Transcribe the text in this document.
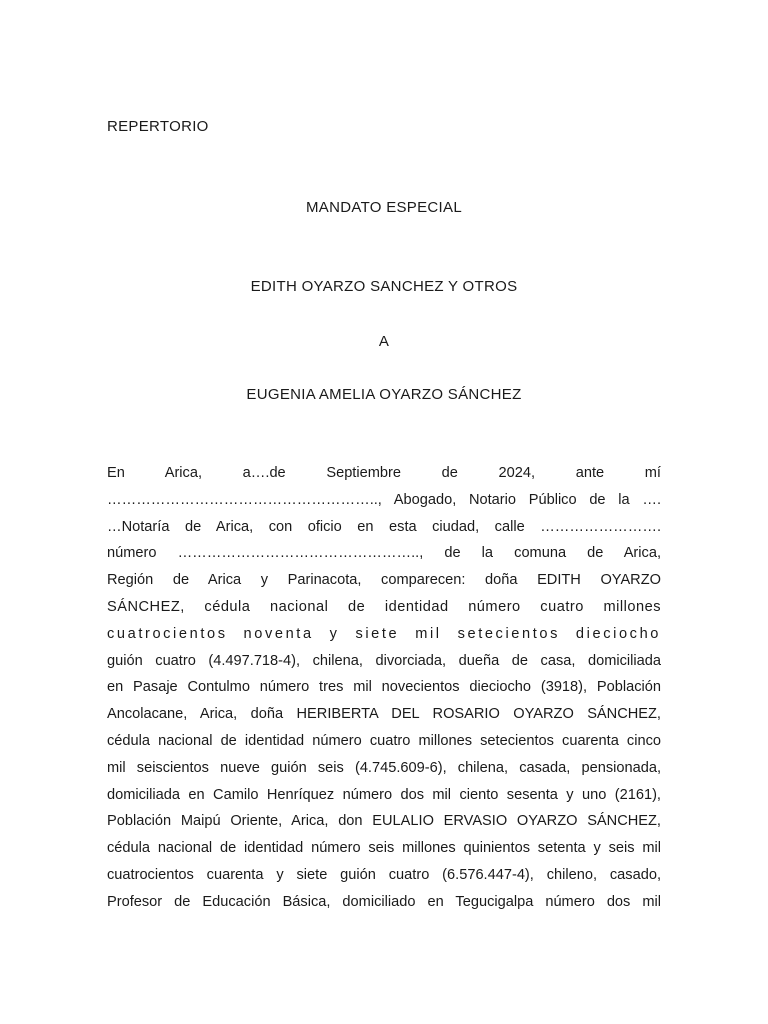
REPERTORIO
MANDATO ESPECIAL
EDITH OYARZO SANCHEZ Y OTROS
A
EUGENIA AMELIA OYARZO SÁNCHEZ
En Arica, a….de Septiembre de 2024, ante mí
……………………………………………….., Abogado, Notario Público de la ….
…Notaría de Arica, con oficio en esta ciudad, calle …………………….
número ………………………………………….., de la comuna de Arica,
Región de Arica y Parinacota, comparecen: doña EDITH OYARZO
SÁNCHEZ, cédula nacional de identidad número cuatro millones
cuatrocientos noventa y siete mil setecientos dieciocho
guión cuatro (4.497.718-4), chilena, divorciada, dueña de casa, domiciliada
en Pasaje Contulmo número tres mil novecientos dieciocho (3918), Población
Ancolacane, Arica, doña HERIBERTA DEL ROSARIO OYARZO SÁNCHEZ,
cédula nacional de identidad número cuatro millones setecientos cuarenta cinco
mil seiscientos nueve guión seis (4.745.609-6), chilena, casada, pensionada,
domiciliada en Camilo Henríquez número dos mil ciento sesenta y uno (2161),
Población Maipú Oriente, Arica, don EULALIO ERVASIO OYARZO SÁNCHEZ,
cédula nacional de identidad número seis millones quinientos setenta y seis mil
cuatrocientos cuarenta y siete guión cuatro (6.576.447-4), chileno, casado,
Profesor de Educación Básica, domiciliado en Tegucigalpa número dos mil
